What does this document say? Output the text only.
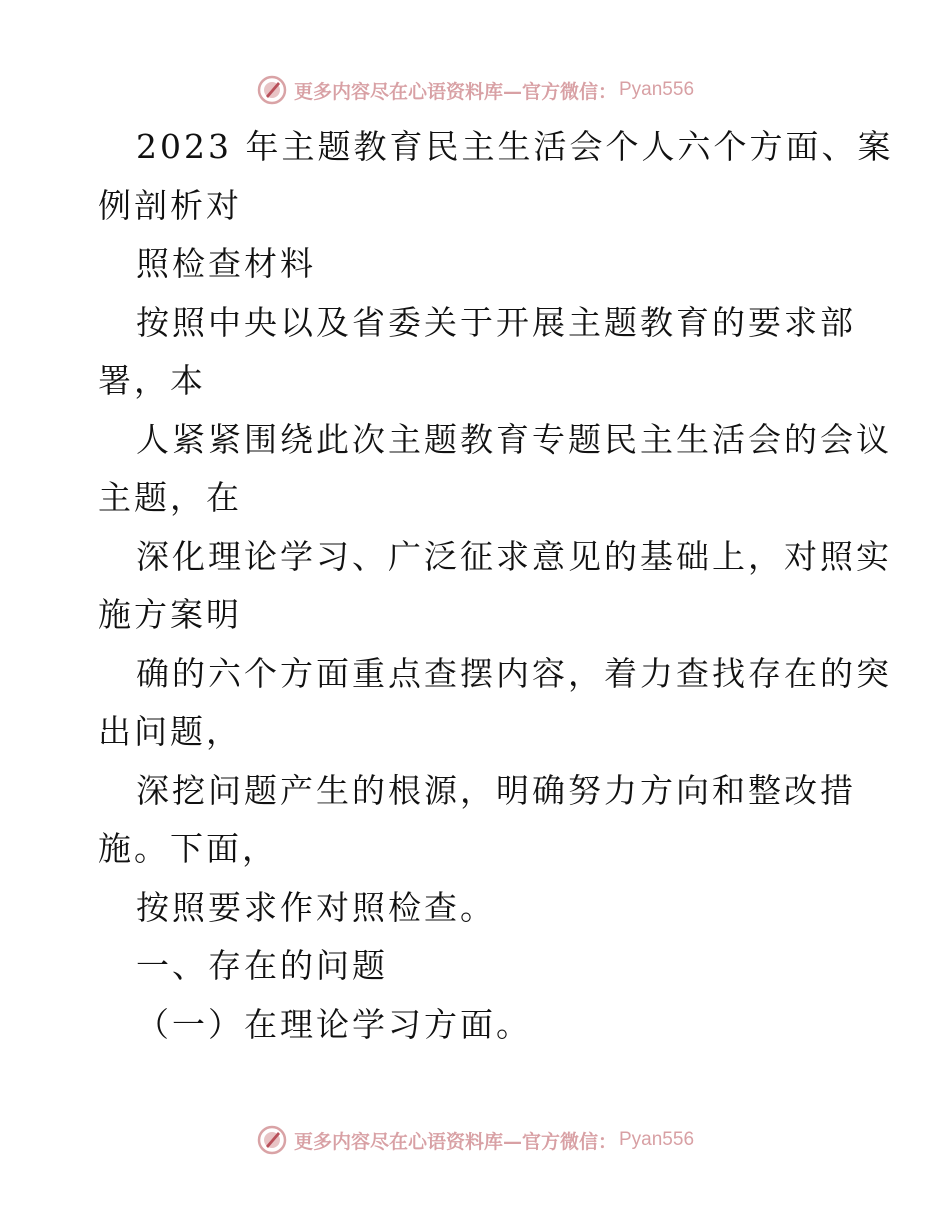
更多内容尽在心语资料库—官方微信： Pyan556
2023 年主题教育民主生活会个人六个方面、案
例剖析对
照检查材料
按照中央以及省委关于开展主题教育的要求部
署，本
人紧紧围绕此次主题教育专题民主生活会的会议
主题，在
深化理论学习、广泛征求意见的基础上，对照实
施方案明
确的六个方面重点查摆内容，着力查找存在的突
出问题，
深挖问题产生的根源，明确努力方向和整改措
施。下面，
按照要求作对照检查。
一、存在的问题
（一）在理论学习方面。
更多内容尽在心语资料库—官方微信： Pyan556
